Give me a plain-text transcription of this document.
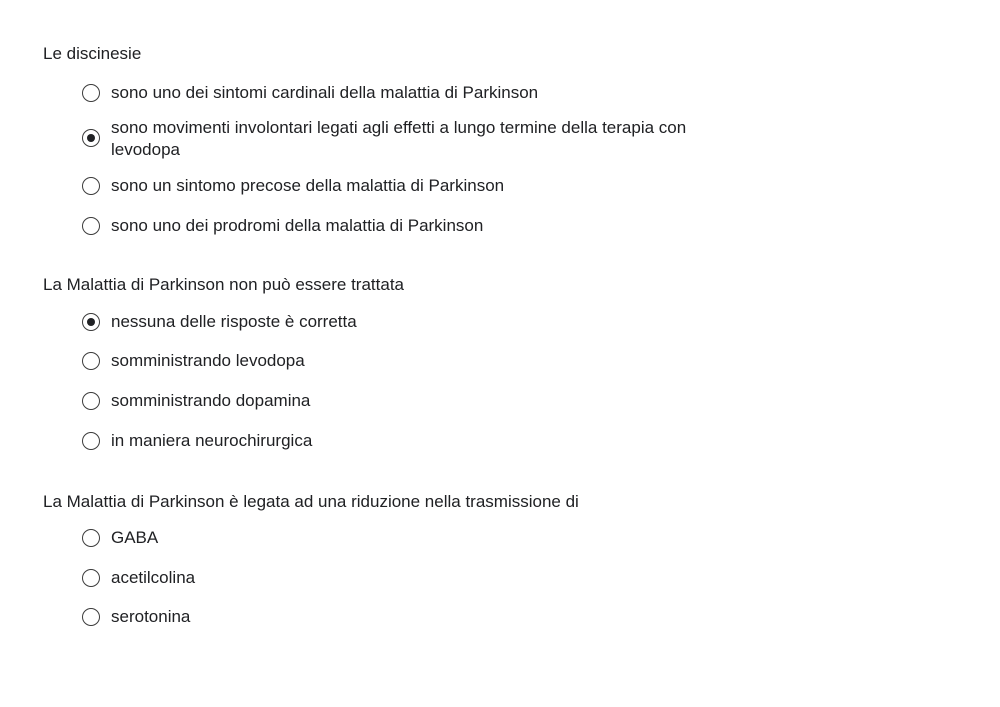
Le discinesie

sono uno dei sintomi cardinali della malattia di Parkinson
sono movimenti involontari legati agli effetti a lungo termine della terapia con levodopa
sono un sintomo precose della malattia di Parkinson
sono uno dei prodromi della malattia di Parkinson

La Malattia di Parkinson non può essere trattata

nessuna delle risposte è corretta
somministrando levodopa
somministrando dopamina
in maniera neurochirurgica

La Malattia di Parkinson è legata ad una riduzione nella trasmissione di

GABA
acetilcolina
serotonina
